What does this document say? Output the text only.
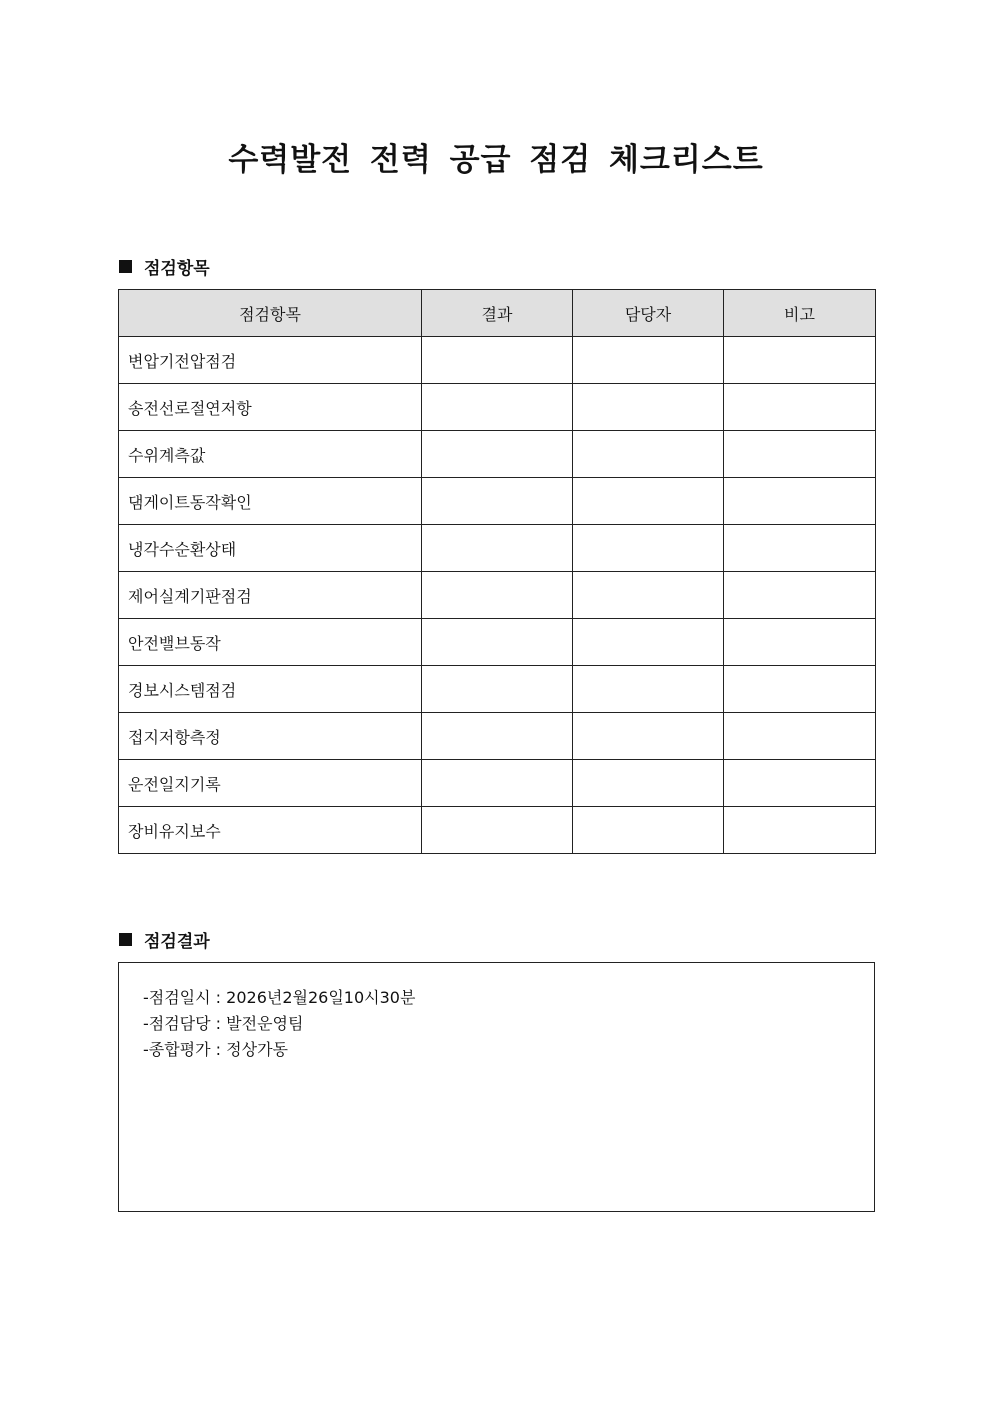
수력발전 전력 공급 점검 체크리스트
점검항목
점검항목	결과	담당자	비고
변압기전압점검			
송전선로절연저항			
수위계측값			
댐게이트동작확인			
냉각수순환상태			
제어실계기판점검			
안전밸브동작			
경보시스템점검			
접지저항측정			
운전일지기록			
장비유지보수			
점검결과
-점검일시 : 2026년2월26일10시30분
-점검담당 : 발전운영팀
-종합평가 : 정상가동
